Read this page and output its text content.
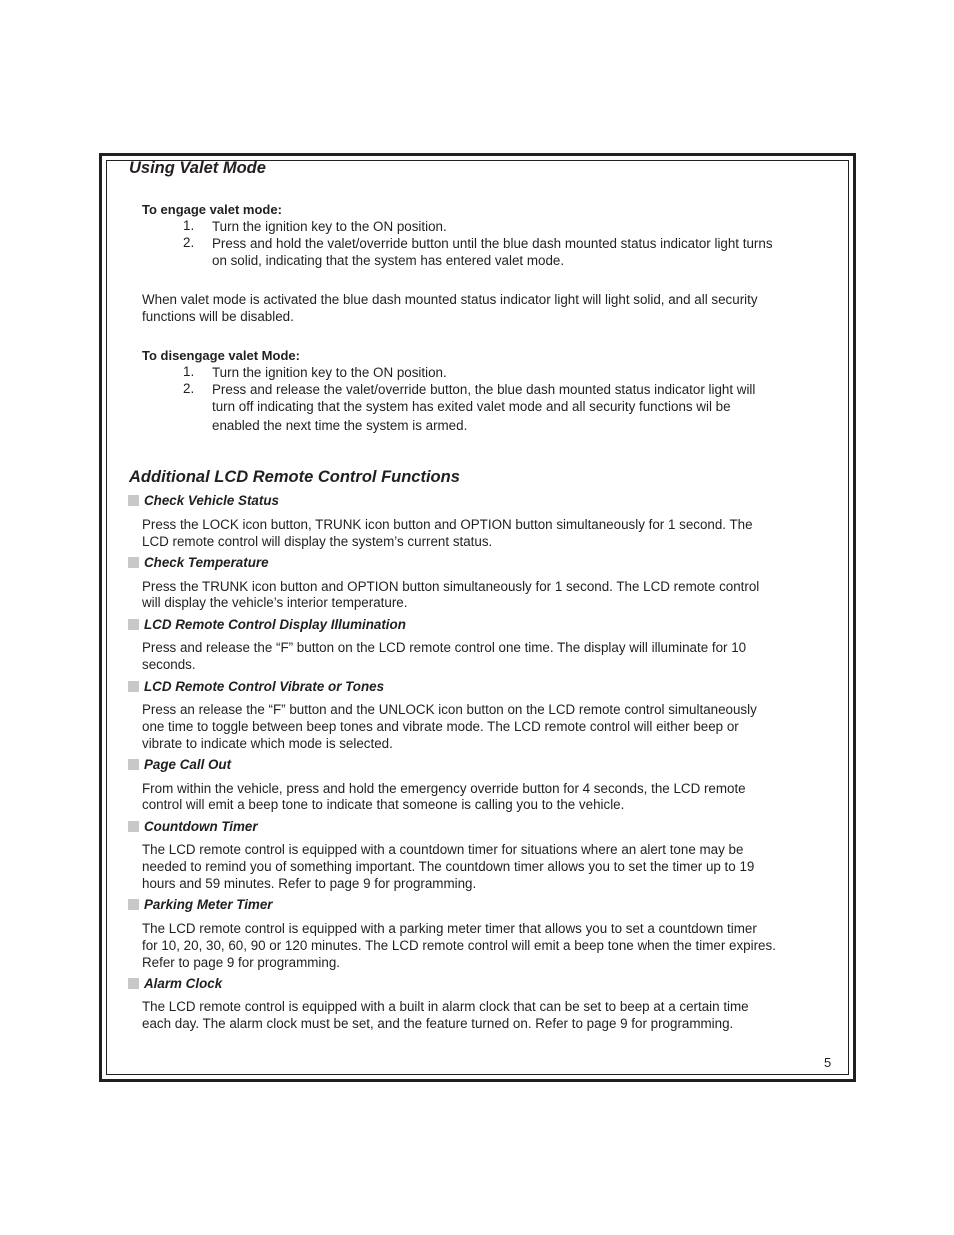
Using Valet Mode
To engage valet mode:
1. Turn the ignition key to the ON position.
2. Press and hold the valet/override button until the blue dash mounted status indicator light turns
on solid, indicating that the system has entered valet mode.
When valet mode is activated the blue dash mounted status indicator light will light solid, and all security
functions will be disabled.
To disengage valet Mode:
1. Turn the ignition key to the ON position.
2. Press and release the valet/override button, the blue dash mounted status indicator light will
turn off indicating that the system has exited valet mode and all security functions wil be
enabled the next time the system is armed.
Additional LCD Remote Control Functions
Check Vehicle Status
Press the LOCK icon button, TRUNK icon button and OPTION button simultaneously for 1 second. The
LCD remote control will display the system’s current status.
Check Temperature
Press the TRUNK icon button and OPTION button simultaneously for 1 second. The LCD remote control
will display the vehicle’s interior temperature.
LCD Remote Control Display Illumination
Press and release the “F” button on the LCD remote control one time. The display will illuminate for 10
seconds.
LCD Remote Control Vibrate or Tones
Press an release the “F” button and the UNLOCK icon button on the LCD remote control simultaneously
one time to toggle between beep tones and vibrate mode. The LCD remote control will either beep or
vibrate to indicate which mode is selected.
Page Call Out
From within the vehicle, press and hold the emergency override button for 4 seconds, the LCD remote
control will emit a beep tone to indicate that someone is calling you to the vehicle.
Countdown Timer
The LCD remote control is equipped with a countdown timer for situations where an alert tone may be
needed to remind you of something important. The countdown timer allows you to set the timer up to 19
hours and 59 minutes. Refer to page 9 for programming.
Parking Meter Timer
The LCD remote control is equipped with a parking meter timer that allows you to set a countdown timer
for 10, 20, 30, 60, 90 or 120 minutes. The LCD remote control will emit a beep tone when the timer expires.
Refer to page 9 for programming.
Alarm Clock
The LCD remote control is equipped with a built in alarm clock that can be set to beep at a certain time
each day. The alarm clock must be set, and the feature turned on. Refer to page 9 for programming.
5
